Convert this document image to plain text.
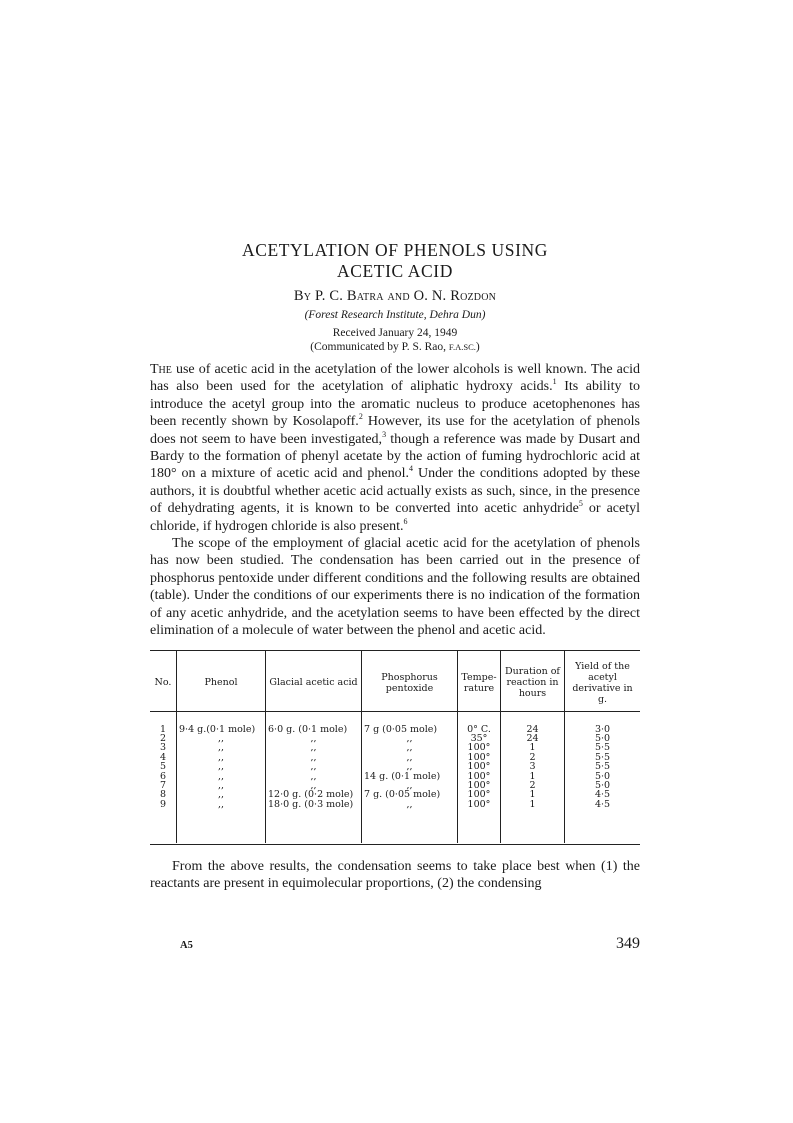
ACETYLATION OF PHENOLS USING
ACETIC ACID
By P. C. Batra and O. N. Rozdon
(Forest Research Institute, Dehra Dun)
Received January 24, 1949
(Communicated by P. S. Rao, F.A.SC.)

The use of acetic acid in the acetylation of the lower alcohols is well known. The acid has also been used for the acetylation of aliphatic hydroxy acids.$^1$ Its ability to introduce the acetyl group into the aromatic nucleus to produce acetophenones has been recently shown by Kosolapoff.$^2$ However, its use for the acetylation of phenols does not seem to have been investigated,$^3$ though a reference was made by Dusart and Bardy to the formation of phenyl acetate by the action of fuming hydrochloric acid at 180° on a mixture of acetic acid and phenol.$^4$ Under the conditions adopted by these authors, it is doubtful whether acetic acid actually exists as such, since, in the presence of dehydrating agents, it is known to be converted into acetic anhydride$^5$ or acetyl chloride, if hydrogen chloride is also present.$^6$

The scope of the employment of glacial acetic acid for the acetylation of phenols has now been studied. The condensation has been carried out in the presence of phosphorus pentoxide under different conditions and the following results are obtained (table). Under the conditions of our experiments there is no indication of the formation of any acetic anhydride, and the acetylation seems to have been effected by the direct elimination of a molecule of water between the phenol and acetic acid.

No.	Phenol	Glacial acetic acid	Phosphorus pentoxide	Tempe-rature	Duration of reaction in hours	Yield of the acetyl derivative in g.
1	9·4 g.(0·1 mole)	6·0 g. (0·1 mole)	7 g (0·05 mole)	0° C.	24	3·0
2	,,	,,	,,	35°	24	5·0
3	,,	,,	,,	100°	1	5·5
4	,,	,,	,,	100°	2	5·5
5	,,	,,	,,	100°	3	5·5
6	,,	,,	14 g. (0·1 mole)	100°	1	5·0
7	,,	,,	,,	100°	2	5·0
8	,,	12·0 g. (0·2 mole)	7 g. (0·05 mole)	100°	1	4·5
9	,,	18·0 g. (0·3 mole)	,,	100°	1	4·5

From the above results, the condensation seems to take place best when (1) the reactants are present in equimolecular proportions, (2) the condensing

A5	349
